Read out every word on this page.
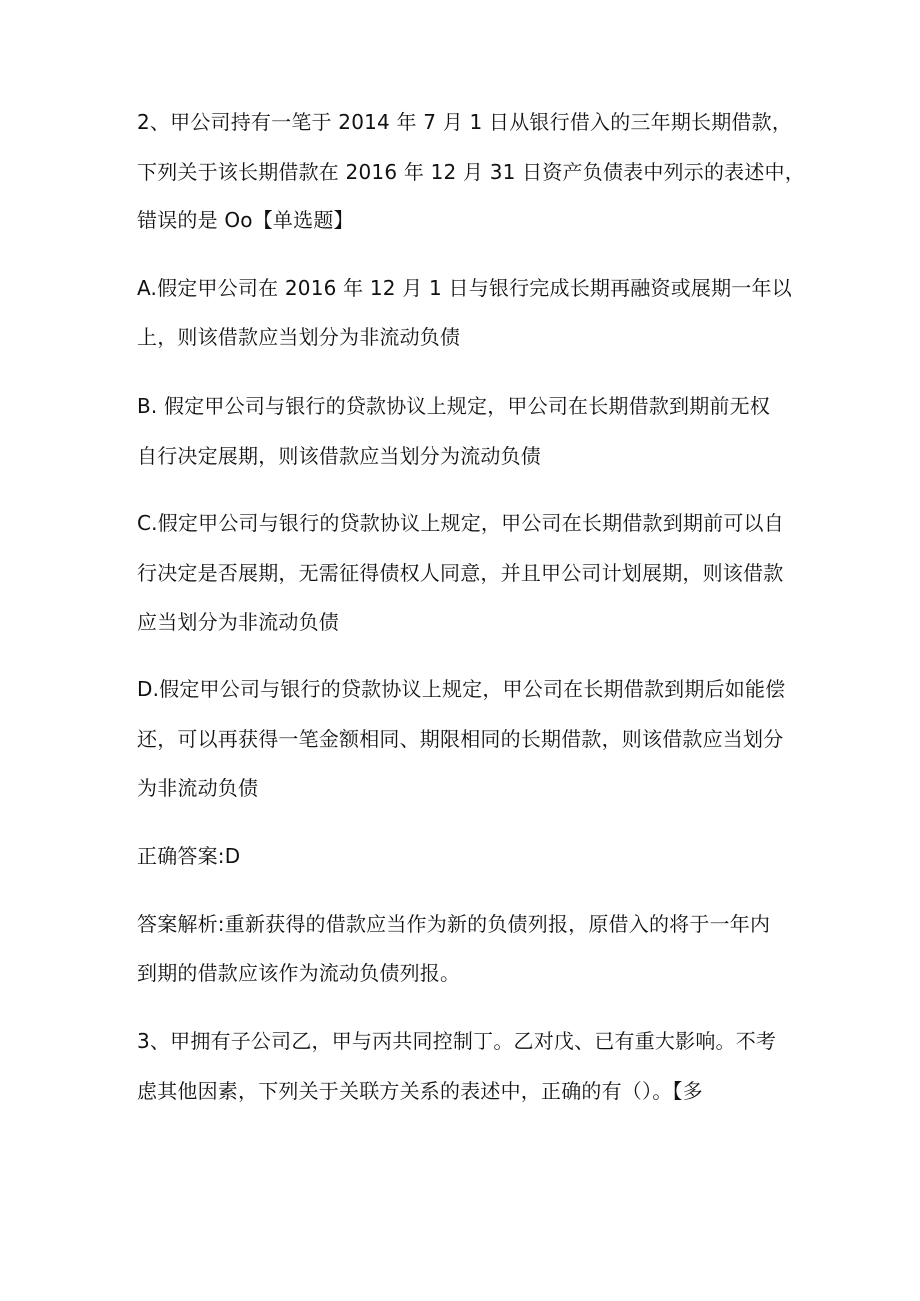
2、甲公司持有一笔于 2014 年 7 月 1 日从银行借入的三年期长期借款，
下列关于该长期借款在 2016 年 12 月 31 日资产负债表中列示的表述中，
错误的是 Oo【单选题】
A.假定甲公司在 2016 年 12 月 1 日与银行完成长期再融资或展期一年以
上，则该借款应当划分为非流动负债
B. 假定甲公司与银行的贷款协议上规定，甲公司在长期借款到期前无权
自行决定展期，则该借款应当划分为流动负债
C.假定甲公司与银行的贷款协议上规定，甲公司在长期借款到期前可以自
行决定是否展期，无需征得债权人同意，并且甲公司计划展期，则该借款
应当划分为非流动负债
D.假定甲公司与银行的贷款协议上规定，甲公司在长期借款到期后如能偿
还，可以再获得一笔金额相同、期限相同的长期借款，则该借款应当划分
为非流动负债
正确答案:D
答案解析:重新获得的借款应当作为新的负债列报，原借入的将于一年内
到期的借款应该作为流动负债列报。
3、甲拥有子公司乙，甲与丙共同控制丁。乙对戊、已有重大影响。不考
虑其他因素，下列关于关联方关系的表述中，正确的有（）。【多
